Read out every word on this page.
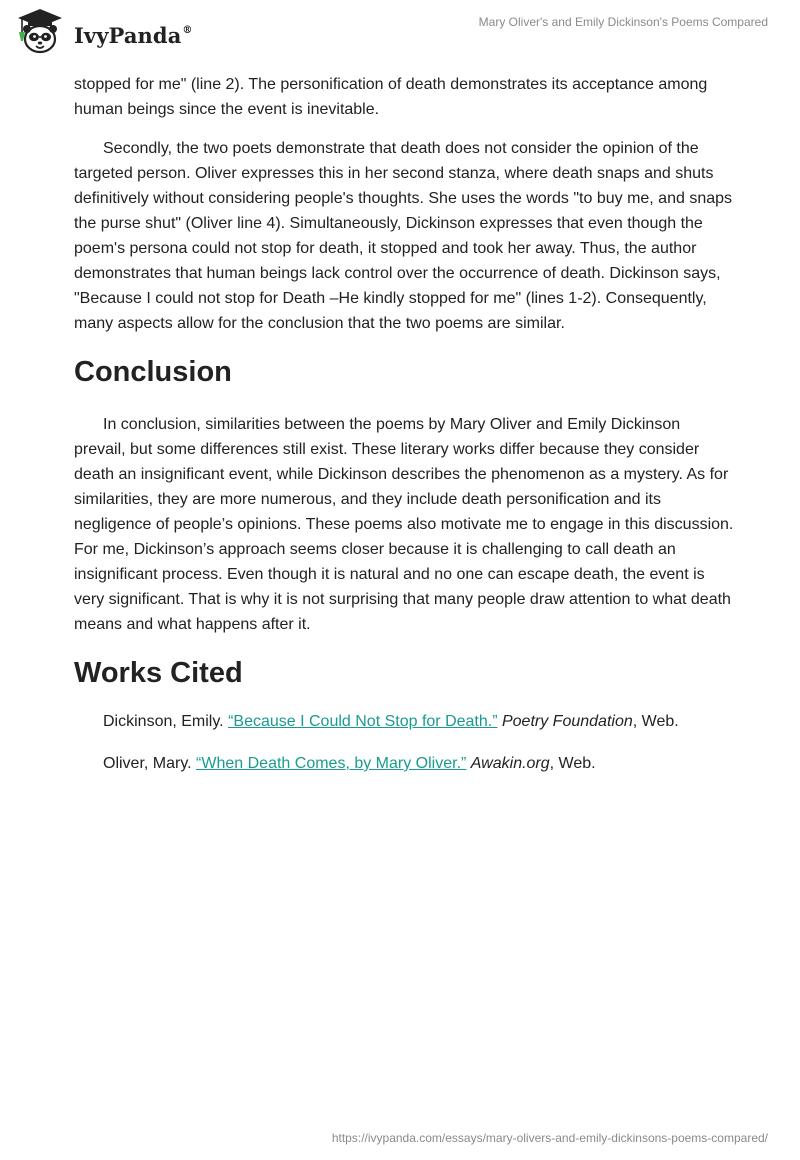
IvyPanda®
Mary Oliver's and Emily Dickinson's Poems Compared

stopped for me" (line 2). The personification of death demonstrates its acceptance among human beings since the event is inevitable.

Secondly, the two poets demonstrate that death does not consider the opinion of the targeted person. Oliver expresses this in her second stanza, where death snaps and shuts definitively without considering people's thoughts. She uses the words "to buy me, and snaps the purse shut" (Oliver line 4). Simultaneously, Dickinson expresses that even though the poem's persona could not stop for death, it stopped and took her away. Thus, the author demonstrates that human beings lack control over the occurrence of death. Dickinson says, "Because I could not stop for Death –He kindly stopped for me" (lines 1-2). Consequently, many aspects allow for the conclusion that the two poems are similar.

Conclusion

In conclusion, similarities between the poems by Mary Oliver and Emily Dickinson prevail, but some differences still exist. These literary works differ because they consider death an insignificant event, while Dickinson describes the phenomenon as a mystery. As for similarities, they are more numerous, and they include death personification and its negligence of people’s opinions. These poems also motivate me to engage in this discussion. For me, Dickinson’s approach seems closer because it is challenging to call death an insignificant process. Even though it is natural and no one can escape death, the event is very significant. That is why it is not surprising that many people draw attention to what death means and what happens after it.

Works Cited

Dickinson, Emily. “Because I Could Not Stop for Death.” Poetry Foundation, Web.

Oliver, Mary. “When Death Comes, by Mary Oliver.” Awakin.org, Web.

https://ivypanda.com/essays/mary-olivers-and-emily-dickinsons-poems-compared/
